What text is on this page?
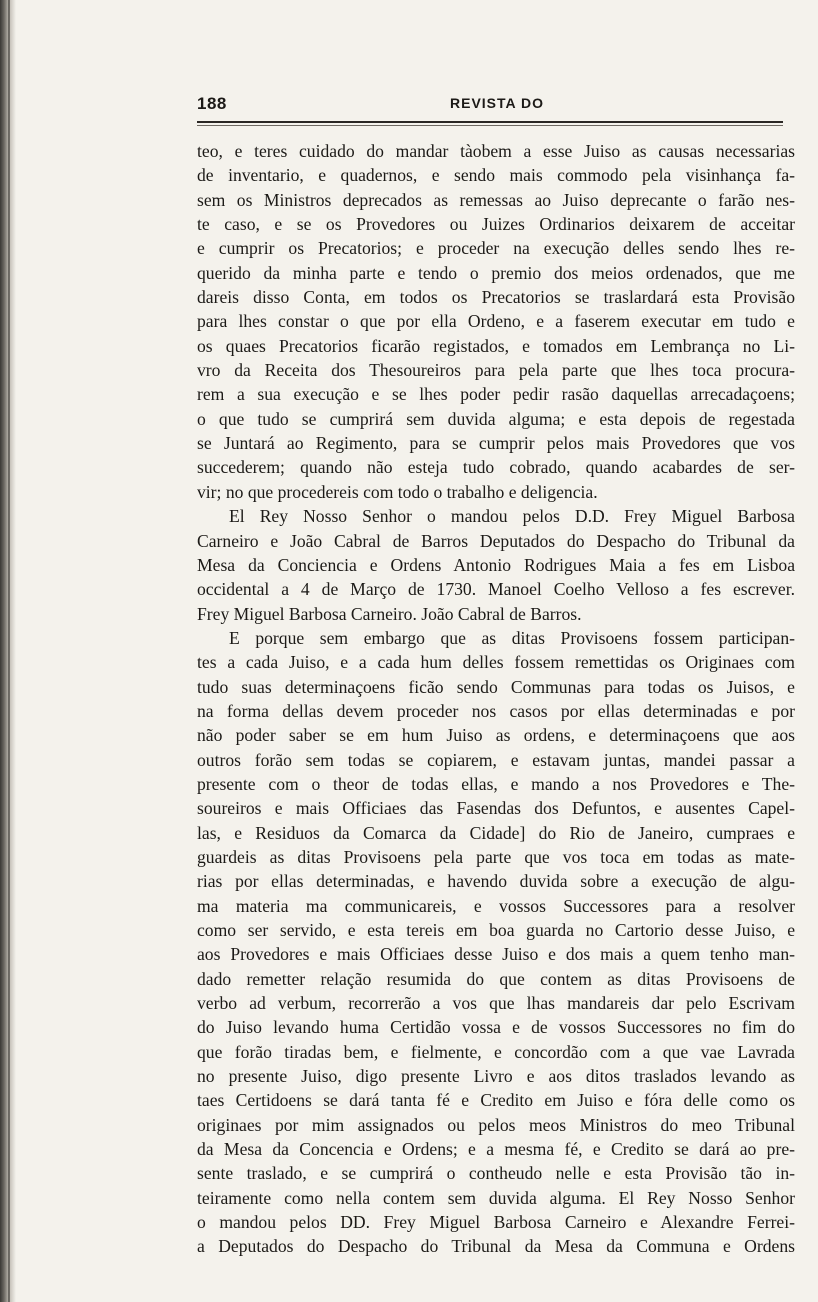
188	REVISTA DO
teo, e teres cuidado do mandar tàobem a esse Juiso as causas necessarias
de inventario, e quadernos, e sendo mais commodo pela visinhança fa-
sem os Ministros deprecados as remessas ao Juiso deprecante o farão nes-
te caso, e se os Provedores ou Juizes Ordinarios deixarem de acceitar
e cumprir os Precatorios; e proceder na execução delles sendo lhes re-
querido da minha parte e tendo o premio dos meios ordenados, que me
dareis disso Conta, em todos os Precatorios se traslardará esta Provisão
para lhes constar o que por ella Ordeno, e a faserem executar em tudo e
os quaes Precatorios ficarão registados, e tomados em Lembrança no Li-
vro da Receita dos Thesoureiros para pela parte que lhes toca procura-
rem a sua execução e se lhes poder pedir rasão daquellas arrecadaçoens;
o que tudo se cumprirá sem duvida alguma; e esta depois de regestada
se Juntará ao Regimento, para se cumprir pelos mais Provedores que vos
succederem; quando não esteja tudo cobrado, quando acabardes de ser-
vir; no que procedereis com todo o trabalho e deligencia.
El Rey Nosso Senhor o mandou pelos D.D. Frey Miguel Barbosa
Carneiro e João Cabral de Barros Deputados do Despacho do Tribunal da
Mesa da Conciencia e Ordens Antonio Rodrigues Maia a fes em Lisboa
occidental a 4 de Março de 1730. Manoel Coelho Velloso a fes escrever.
Frey Miguel Barbosa Carneiro. João Cabral de Barros.
E porque sem embargo que as ditas Provisoens fossem participan-
tes a cada Juiso, e a cada hum delles fossem remettidas os Originaes com
tudo suas determinaçoens ficão sendo Communas para todas os Juisos, e
na forma dellas devem proceder nos casos por ellas determinadas e por
não poder saber se em hum Juiso as ordens, e determinaçoens que aos
outros forão sem todas se copiarem, e estavam juntas, mandei passar a
presente com o theor de todas ellas, e mando a nos Provedores e The-
soureiros e mais Officiaes das Fasendas dos Defuntos, e ausentes Capel-
las, e Residuos da Comarca da Cidade] do Rio de Janeiro, cumpraes e
guardeis as ditas Provisoens pela parte que vos toca em todas as mate-
rias por ellas determinadas, e havendo duvida sobre a execução de algu-
ma materia ma communicareis, e vossos Successores para a resolver
como ser servido, e esta tereis em boa guarda no Cartorio desse Juiso, e
aos Provedores e mais Officiaes desse Juiso e dos mais a quem tenho man-
dado remetter relação resumida do que contem as ditas Provisoens de
verbo ad verbum, recorrerão a vos que lhas mandareis dar pelo Escrivam
do Juiso levando huma Certidão vossa e de vossos Successores no fim do
que forão tiradas bem, e fielmente, e concordão com a que vae Lavrada
no presente Juiso, digo presente Livro e aos ditos traslados levando as
taes Certidoens se dará tanta fé e Credito em Juiso e fóra delle como os
originaes por mim assignados ou pelos meos Ministros do meo Tribunal
da Mesa da Concencia e Ordens; e a mesma fé, e Credito se dará ao pre-
sente traslado, e se cumprirá o contheudo nelle e esta Provisão tão in-
teiramente como nella contem sem duvida alguma. El Rey Nosso Senhor
o mandou pelos DD. Frey Miguel Barbosa Carneiro e Alexandre Ferrei-
a Deputados do Despacho do Tribunal da Mesa da Communa e Ordens
